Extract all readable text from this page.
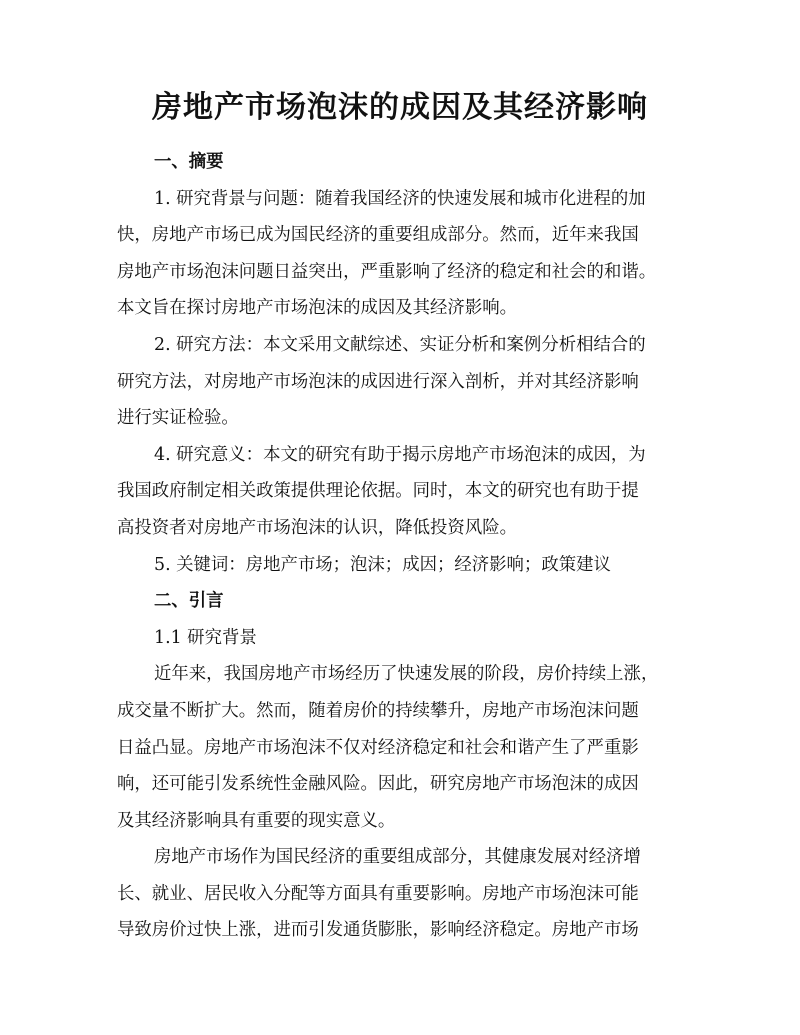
房地产市场泡沫的成因及其经济影响

一、摘要

1. 研究背景与问题：随着我国经济的快速发展和城市化进程的加

快，房地产市场已成为国民经济的重要组成部分。然而，近年来我国

房地产市场泡沫问题日益突出，严重影响了经济的稳定和社会的和谐。

本文旨在探讨房地产市场泡沫的成因及其经济影响。

2. 研究方法：本文采用文献综述、实证分析和案例分析相结合的

研究方法，对房地产市场泡沫的成因进行深入剖析，并对其经济影响

进行实证检验。

4. 研究意义：本文的研究有助于揭示房地产市场泡沫的成因，为

我国政府制定相关政策提供理论依据。同时，本文的研究也有助于提

高投资者对房地产市场泡沫的认识，降低投资风险。

5. 关键词：房地产市场；泡沫；成因；经济影响；政策建议

二、引言

1.1 研究背景

近年来，我国房地产市场经历了快速发展的阶段，房价持续上涨，

成交量不断扩大。然而，随着房价的持续攀升，房地产市场泡沫问题

日益凸显。房地产市场泡沫不仅对经济稳定和社会和谐产生了严重影

响，还可能引发系统性金融风险。因此，研究房地产市场泡沫的成因

及其经济影响具有重要的现实意义。

房地产市场作为国民经济的重要组成部分，其健康发展对经济增

长、就业、居民收入分配等方面具有重要影响。房地产市场泡沫可能

导致房价过快上涨，进而引发通货膨胀，影响经济稳定。房地产市场
